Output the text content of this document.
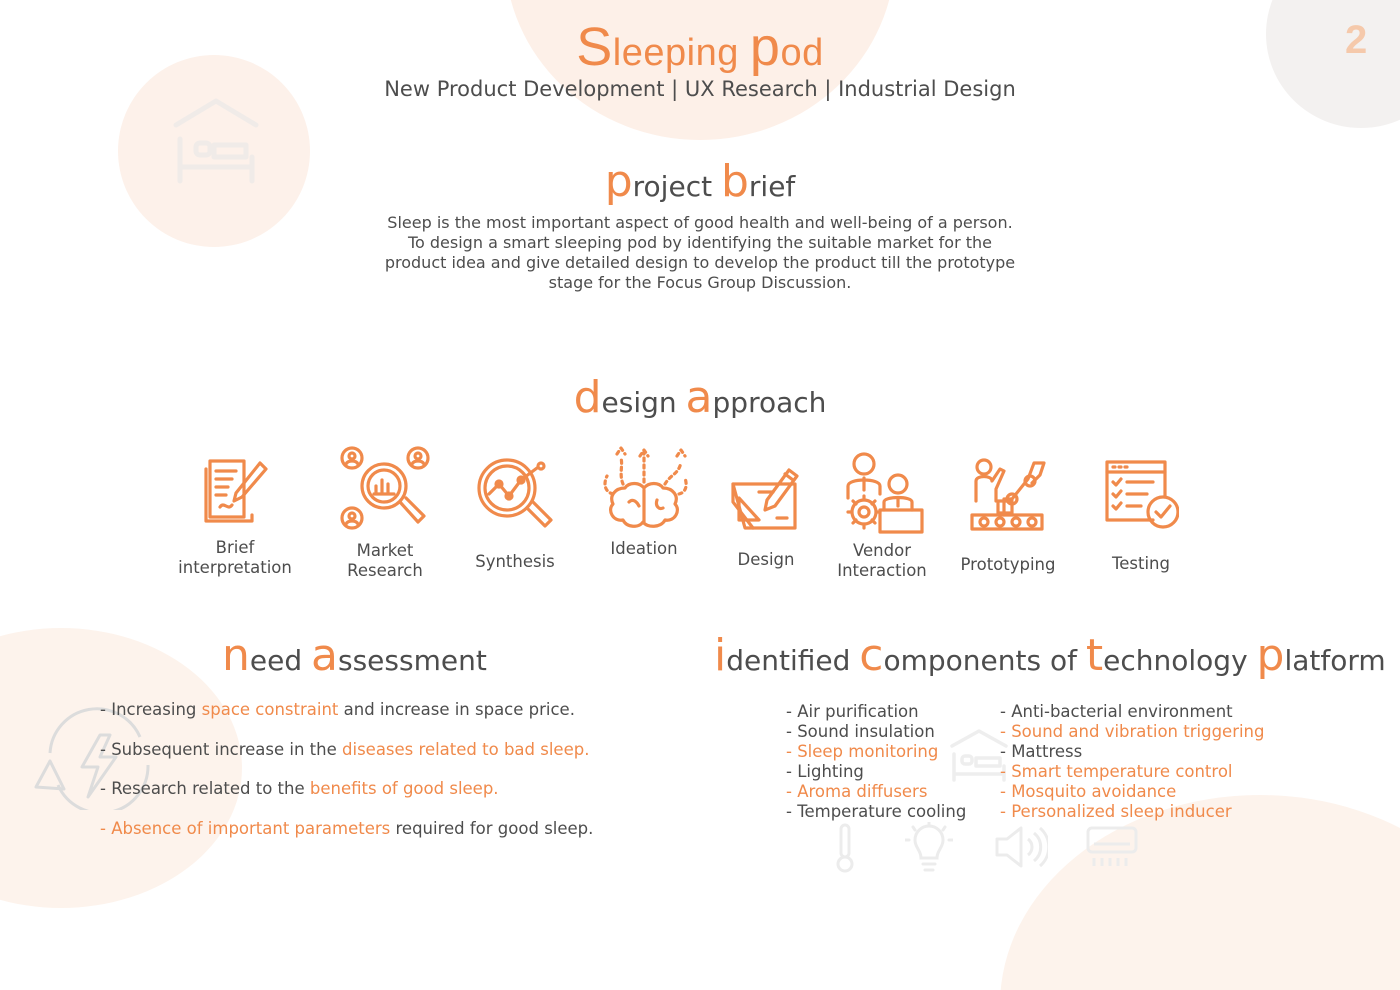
Sleeping pod
New Product Development | UX Research | Industrial Design
2
project brief
Sleep is the most important aspect of good health and well-being of a person.
To design a smart sleeping pod by identifying the suitable market for the
product idea and give detailed design to develop the product till the prototype
stage for the Focus Group Discussion.
design approach
Brief
interpretation
Market
Research	Synthesis
Ideation
Design	Vendor
Interaction	Prototyping	Testing
need assessment
- Increasing space constraint and increase in space price.
- Subsequent increase in the diseases related to bad sleep.
- Research related to the benefits of good sleep.
- Absence of important parameters required for good sleep.
identified components of technology platform
- Air purification
- Sound insulation
- Sleep monitoring
- Lighting
- Aroma diffusers
- Temperature cooling
- Anti-bacterial environment
- Sound and vibration triggering
- Mattress
- Smart temperature control
- Mosquito avoidance
- Personalized sleep inducer
